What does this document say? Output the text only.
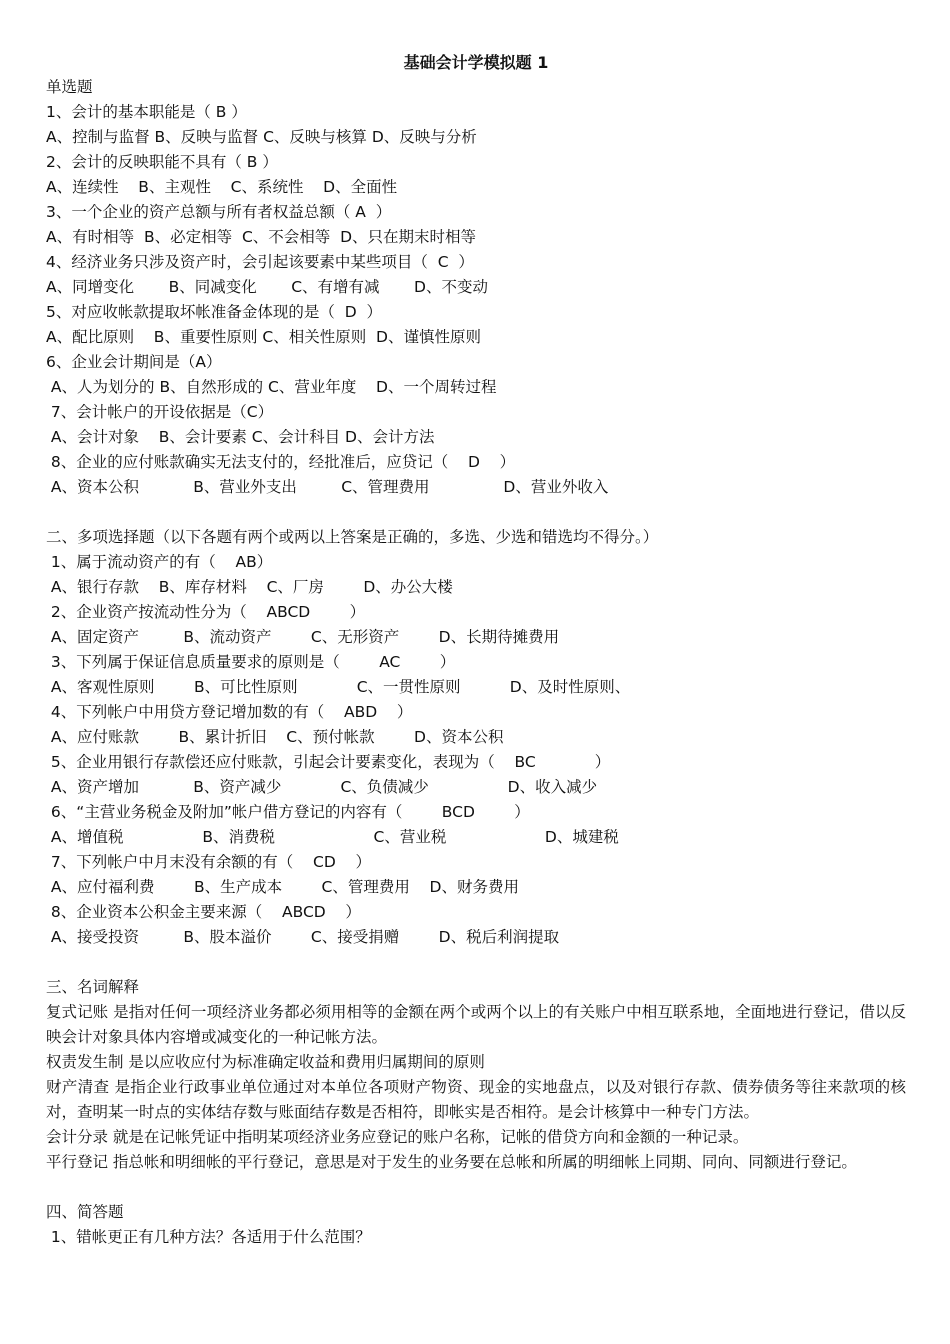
基础会计学模拟题 1
单选题
1、会计的基本职能是（ B ）
A、控制与监督 B、反映与监督 C、反映与核算 D、反映与分析
2、会计的反映职能不具有（ B ）
A、连续性    B、主观性    C、系统性    D、全面性
3、一个企业的资产总额与所有者权益总额（ A  ）
A、有时相等  B、必定相等  C、不会相等  D、只在期末时相等
4、经济业务只涉及资产时，会引起该要素中某些项目（  C  ）
A、同增变化       B、同减变化       C、有增有减       D、不变动
5、对应收帐款提取坏帐准备金体现的是（  D  ）
A、配比原则    B、重要性原则 C、相关性原则  D、谨慎性原则
6、企业会计期间是（A）
A、人为划分的 B、自然形成的 C、营业年度    D、一个周转过程
7、会计帐户的开设依据是（C）
A、会计对象    B、会计要素 C、会计科目 D、会计方法
8、企业的应付账款确实无法支付的，经批准后，应贷记（    D    ）
A、资本公积           B、营业外支出         C、管理费用               D、营业外收入
二、多项选择题（以下各题有两个或两以上答案是正确的，多选、少选和错选均不得分。）
1、属于流动资产的有（    AB）
A、银行存款    B、库存材料    C、厂房        D、办公大楼
2、企业资产按流动性分为（    ABCD        ）
A、固定资产         B、流动资产        C、无形资产        D、长期待摊费用
3、下列属于保证信息质量要求的原则是（        AC        ）
A、客观性原则        B、可比性原则            C、一贯性原则          D、及时性原则、
4、下列帐户中用贷方登记增加数的有（    ABD    ）
A、应付账款        B、累计折旧    C、预付帐款        D、资本公积
5、企业用银行存款偿还应付账款，引起会计要素变化，表现为（    BC            ）
A、资产增加           B、资产减少            C、负债减少                D、收入减少
6、“主营业务税金及附加”帐户借方登记的内容有（        BCD        ）
A、增值税                B、消费税                    C、营业税                    D、城建税
7、下列帐户中月末没有余额的有（    CD    ）
A、应付福利费        B、生产成本        C、管理费用    D、财务费用
8、企业资本公积金主要来源（    ABCD    ）
A、接受投资         B、股本溢价        C、接受捐赠        D、税后利润提取
三、名词解释
复式记账 是指对任何一项经济业务都必须用相等的金额在两个或两个以上的有关账户中相互联系地，全面地进行登记，借以反映会计对象具体内容增或减变化的一种记帐方法。
权责发生制 是以应收应付为标准确定收益和费用归属期间的原则
财产清查 是指企业行政事业单位通过对本单位各项财产物资、现金的实地盘点，以及对银行存款、债券债务等往来款项的核对，查明某一时点的实体结存数与账面结存数是否相符，即帐实是否相符。是会计核算中一种专门方法。
会计分录 就是在记帐凭证中指明某项经济业务应登记的账户名称，记帐的借贷方向和金额的一种记录。
平行登记 指总帐和明细帐的平行登记，意思是对于发生的业务要在总帐和所属的明细帐上同期、同向、同额进行登记。
四、简答题
1、错帐更正有几种方法？各适用于什么范围？
